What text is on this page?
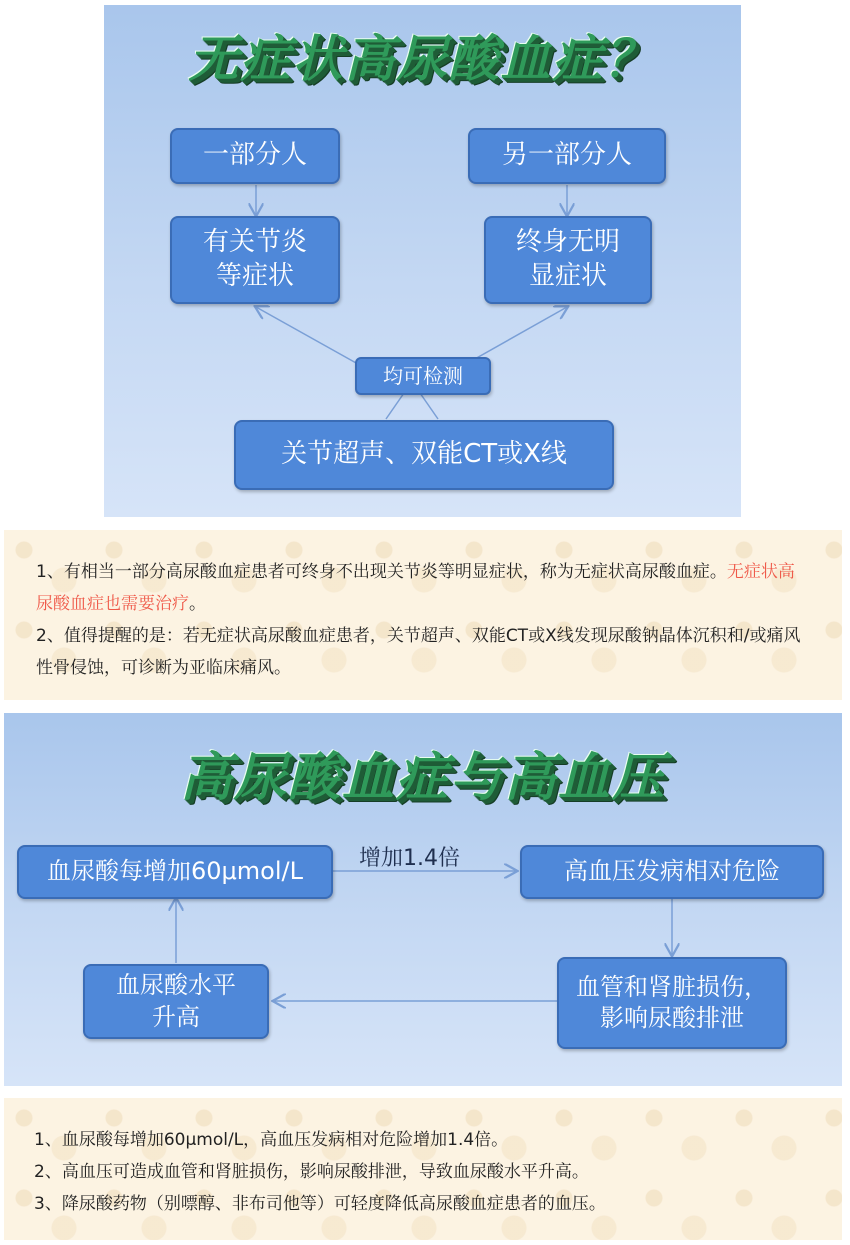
无症状高尿酸血症？
一部分人	另一部分人
有关节炎
等症状
终身无明
显症状
均可检测
关节超声、双能CT或X线
1、有相当一部分高尿酸血症患者可终身不出现关节炎等明显症状，称为无症状高尿酸血症。无症状高尿酸血症也需要治疗。
2、值得提醒的是：若无症状高尿酸血症患者，关节超声、双能CT或X线发现尿酸钠晶体沉积和/或痛风性骨侵蚀，可诊断为亚临床痛风。
高尿酸血症与高血压
血尿酸每增加60μmol/L	增加1.4倍	高血压发病相对危险
血管和肾脏损伤，
影响尿酸排泄
血尿酸水平
升高
1、血尿酸每增加60μmol/L，高血压发病相对危险增加1.4倍。
2、高血压可造成血管和肾脏损伤，影响尿酸排泄，导致血尿酸水平升高。
3、降尿酸药物（别嘌醇、非布司他等）可轻度降低高尿酸血症患者的血压。
